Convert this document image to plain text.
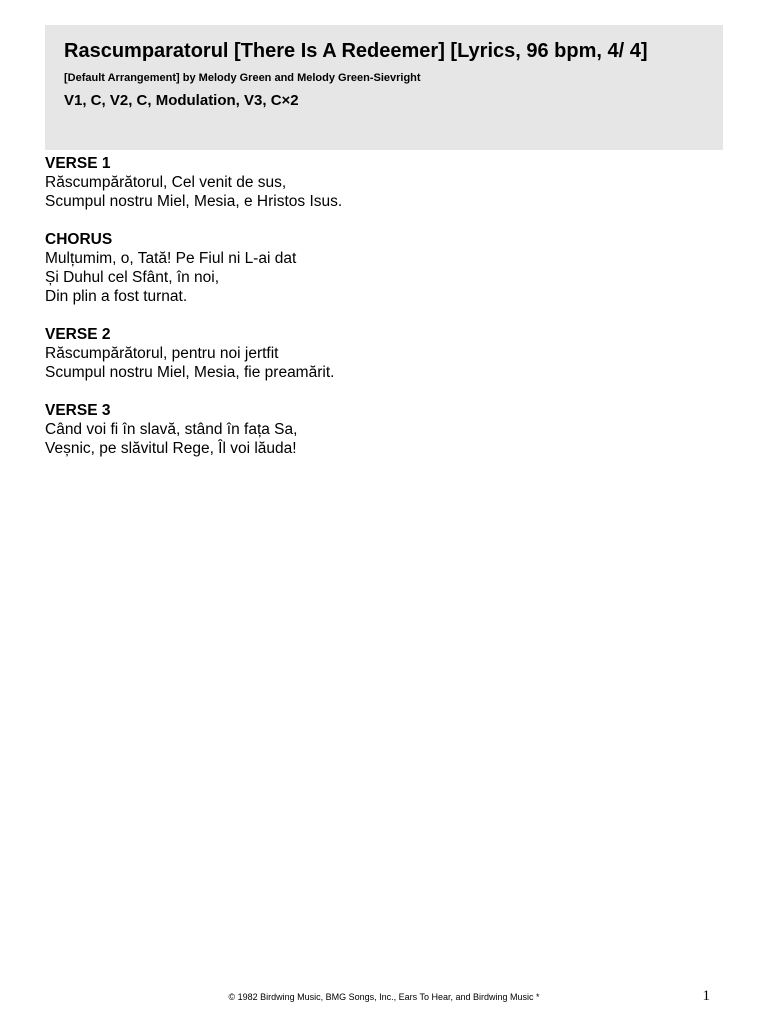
Rascumparatorul [There Is A Redeemer] [Lyrics, 96 bpm, 4/ 4]
[Default Arrangement] by Melody Green and Melody Green-Sievright
V1, C, V2, C, Modulation, V3, C×2
VERSE 1
Răscumpărătorul, Cel venit de sus,
Scumpul nostru Miel, Mesia, e Hristos Isus.
CHORUS
Mulțumim, o, Tată! Pe Fiul ni L-ai dat
Și Duhul cel Sfânt, în noi,
Din plin a fost turnat.
VERSE 2
Răscumpărătorul, pentru noi jertfit
Scumpul nostru Miel, Mesia, fie preamărit.
VERSE 3
Când voi fi în slavă, stând în fața Sa,
Veșnic, pe slăvitul Rege, Îl voi lăuda!
© 1982 Birdwing Music, BMG Songs, Inc., Ears To Hear, and Birdwing Music *	1
